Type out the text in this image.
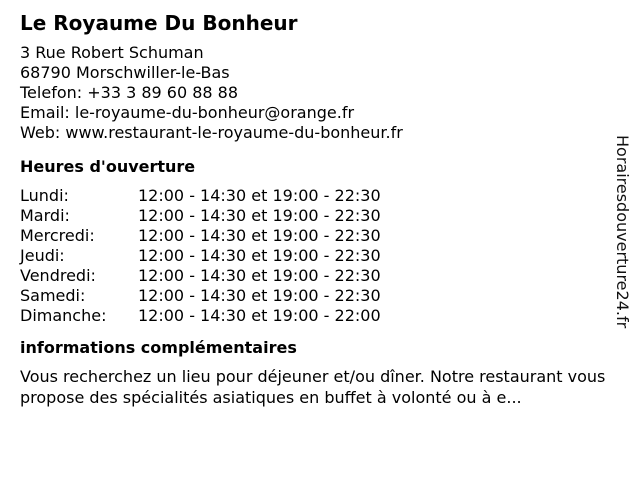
Le Royaume Du Bonheur
3 Rue Robert Schuman
68790 Morschwiller-le-Bas
Telefon: +33 3 89 60 88 88
Email: le-royaume-du-bonheur@orange.fr
Web: www.restaurant-le-royaume-du-bonheur.fr
Heures d'ouverture
Lundi:	12:00 - 14:30 et 19:00 - 22:30
Mardi:	12:00 - 14:30 et 19:00 - 22:30
Mercredi:	12:00 - 14:30 et 19:00 - 22:30
Jeudi:	12:00 - 14:30 et 19:00 - 22:30
Vendredi:	12:00 - 14:30 et 19:00 - 22:30
Samedi:	12:00 - 14:30 et 19:00 - 22:30
Dimanche:	12:00 - 14:30 et 19:00 - 22:00
informations complémentaires
Vous recherchez un lieu pour déjeuner et/ou dîner. Notre restaurant vous propose des spécialités asiatiques en buffet à volonté ou à e...
Horairesdouverture24.fr
